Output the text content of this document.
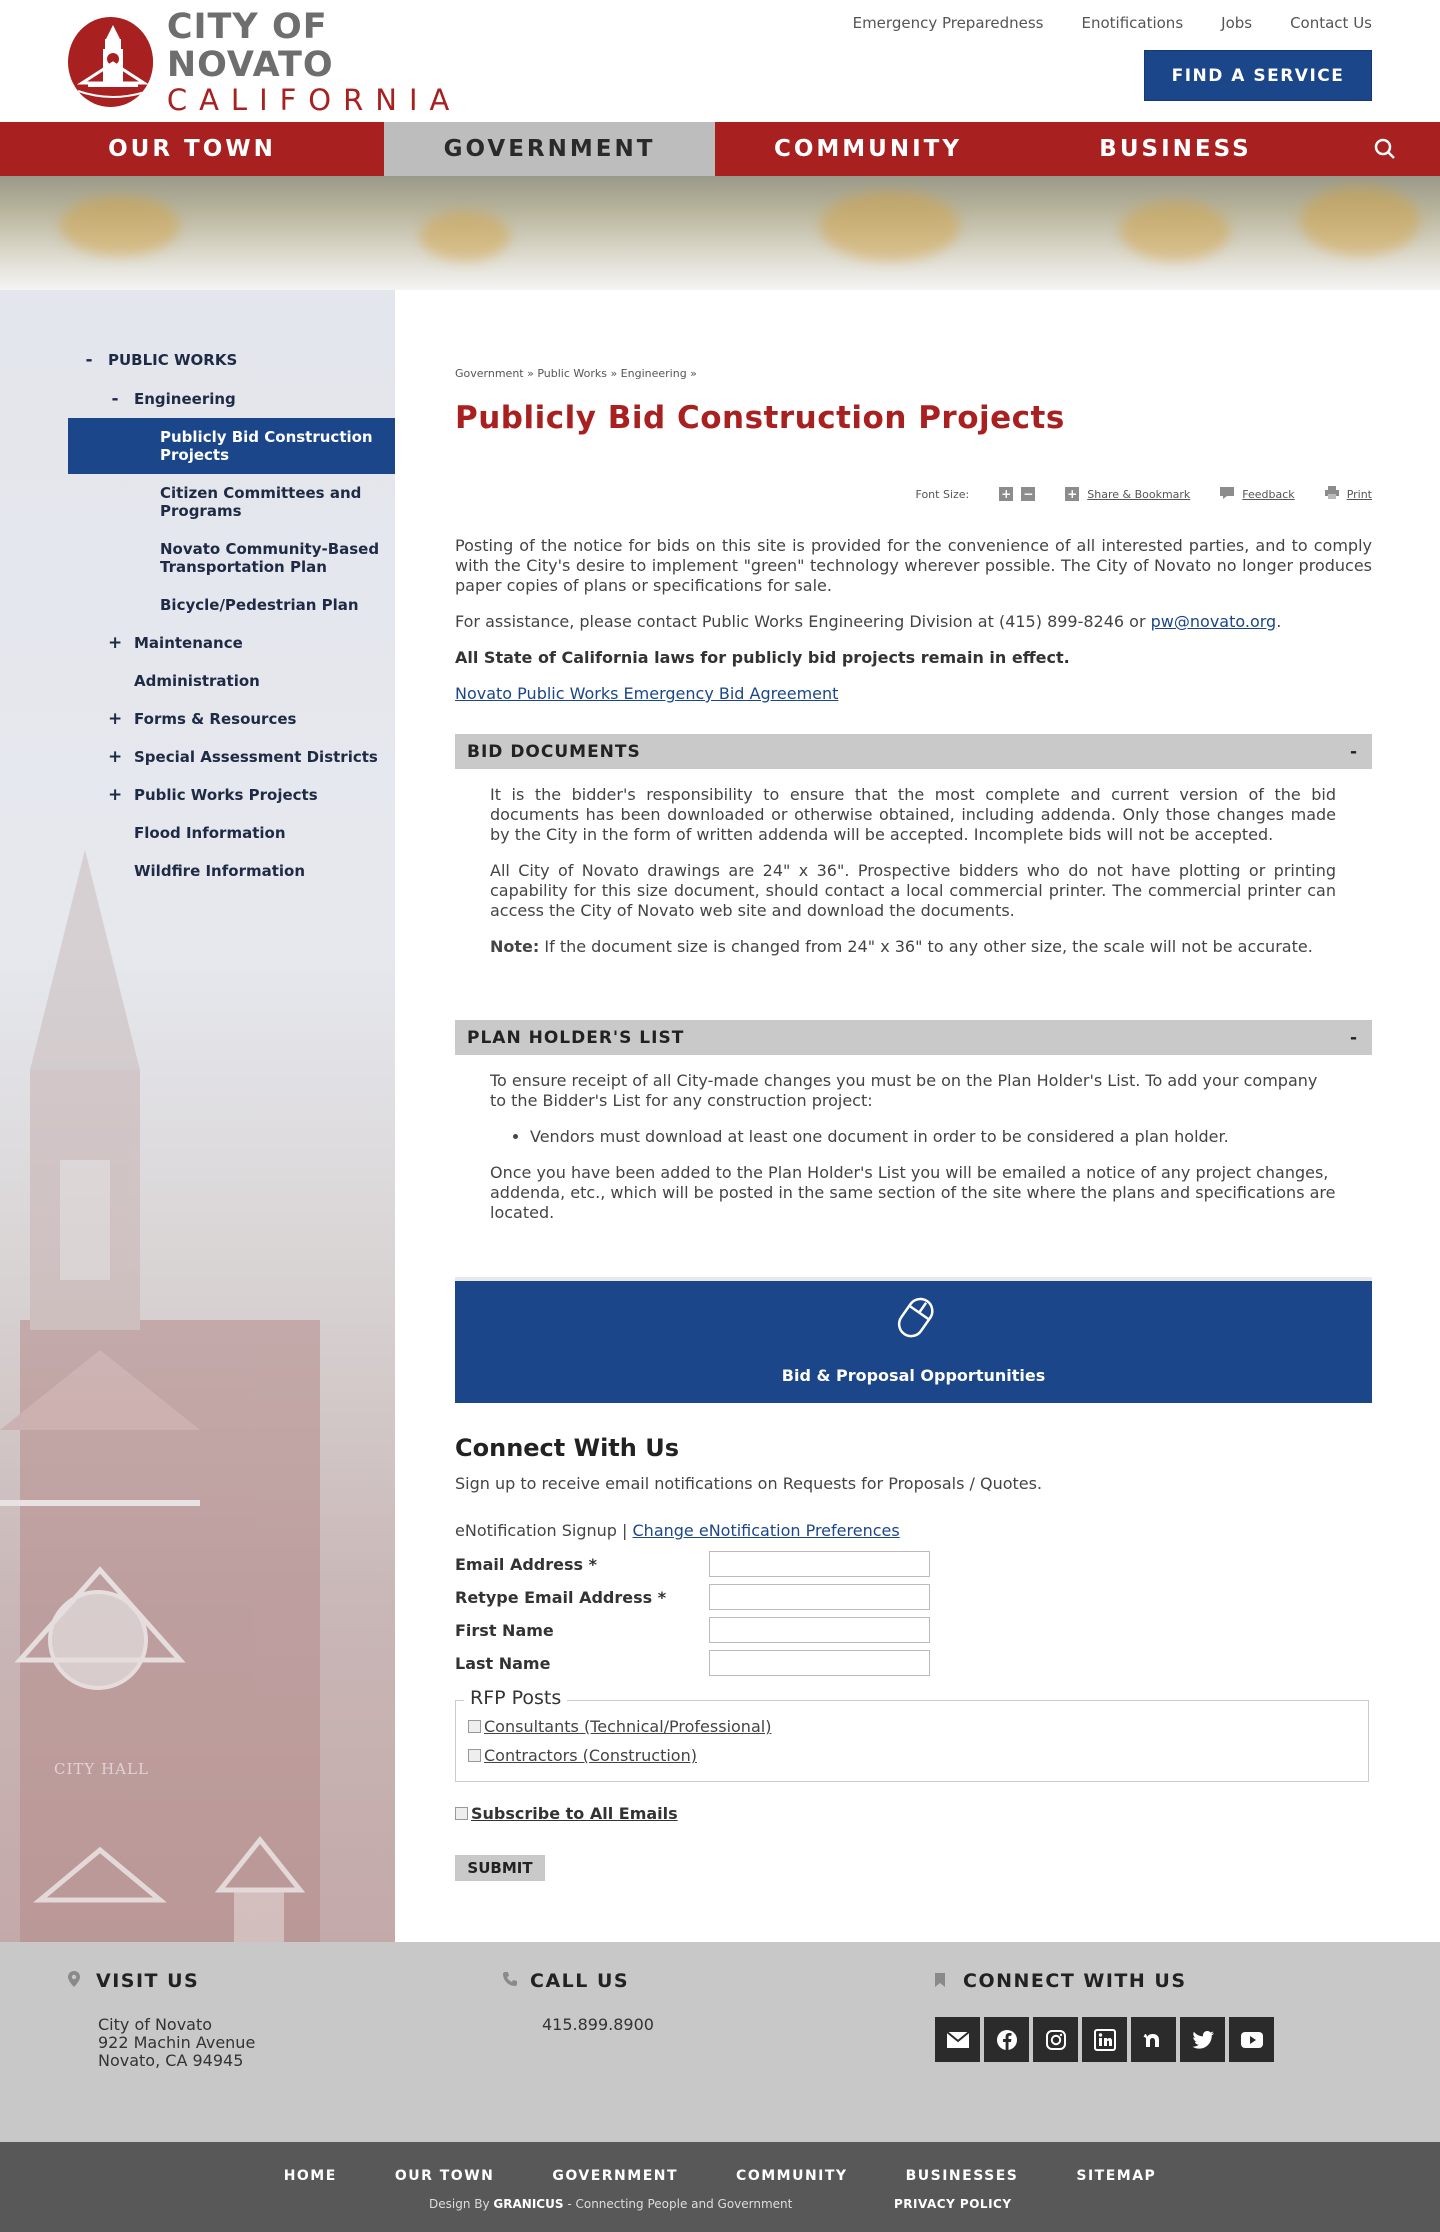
CITY OF NOVATO
CALIFORNIA
Emergency Preparedness	Enotifications	Jobs	Contact Us
FIND A SERVICE
OUR TOWN	GOVERNMENT	COMMUNITY	BUSINESS
- PUBLIC WORKS
- Engineering
Publicly Bid Construction Projects
Citizen Committees and Programs
Novato Community-Based Transportation Plan
Bicycle/Pedestrian Plan
+ Maintenance
Administration
+ Forms & Resources
+ Special Assessment Districts
+ Public Works Projects
Flood Information
Wildfire Information
CITY HALL
Government » Public Works » Engineering »
Publicly Bid Construction Projects
Font Size:	+ −	+ Share & Bookmark	Feedback	Print

Posting of the notice for bids on this site is provided for the convenience of all interested parties, and to comply with the City's desire to implement "green" technology wherever possible. The City of Novato no longer produces paper copies of plans or specifications for sale.

For assistance, please contact Public Works Engineering Division at (415) 899-8246 or pw@novato.org.

All State of California laws for publicly bid projects remain in effect.

Novato Public Works Emergency Bid Agreement

BID DOCUMENTS	-

It is the bidder's responsibility to ensure that the most complete and current version of the bid documents has been downloaded or otherwise obtained, including addenda. Only those changes made by the City in the form of written addenda will be accepted. Incomplete bids will not be accepted.

All City of Novato drawings are 24" x 36". Prospective bidders who do not have plotting or printing capability for this size document, should contact a local commercial printer. The commercial printer can access the City of Novato web site and download the documents.

Note: If the document size is changed from 24" x 36" to any other size, the scale will not be accurate.

PLAN HOLDER'S LIST	-

To ensure receipt of all City-made changes you must be on the Plan Holder's List. To add your company to the Bidder's List for any construction project:

• Vendors must download at least one document in order to be considered a plan holder.

Once you have been added to the Plan Holder's List you will be emailed a notice of any project changes, addenda, etc., which will be posted in the same section of the site where the plans and specifications are located.

Bid & Proposal Opportunities
Connect With Us
Sign up to receive email notifications on Requests for Proposals / Quotes.
eNotification Signup | Change eNotification Preferences
Email Address *
Retype Email Address *
First Name
Last Name
RFP Posts
Consultants (Technical/Professional)
Contractors (Construction)
Subscribe to All Emails
SUBMIT
VISIT US
City of Novato
922 Machin Avenue
Novato, CA 94945
CALL US
415.899.8900
CONNECT WITH US
HOME	OUR TOWN	GOVERNMENT	COMMUNITY	BUSINESSES	SITEMAP
Design By GRANICUS - Connecting People and Government	PRIVACY POLICY
